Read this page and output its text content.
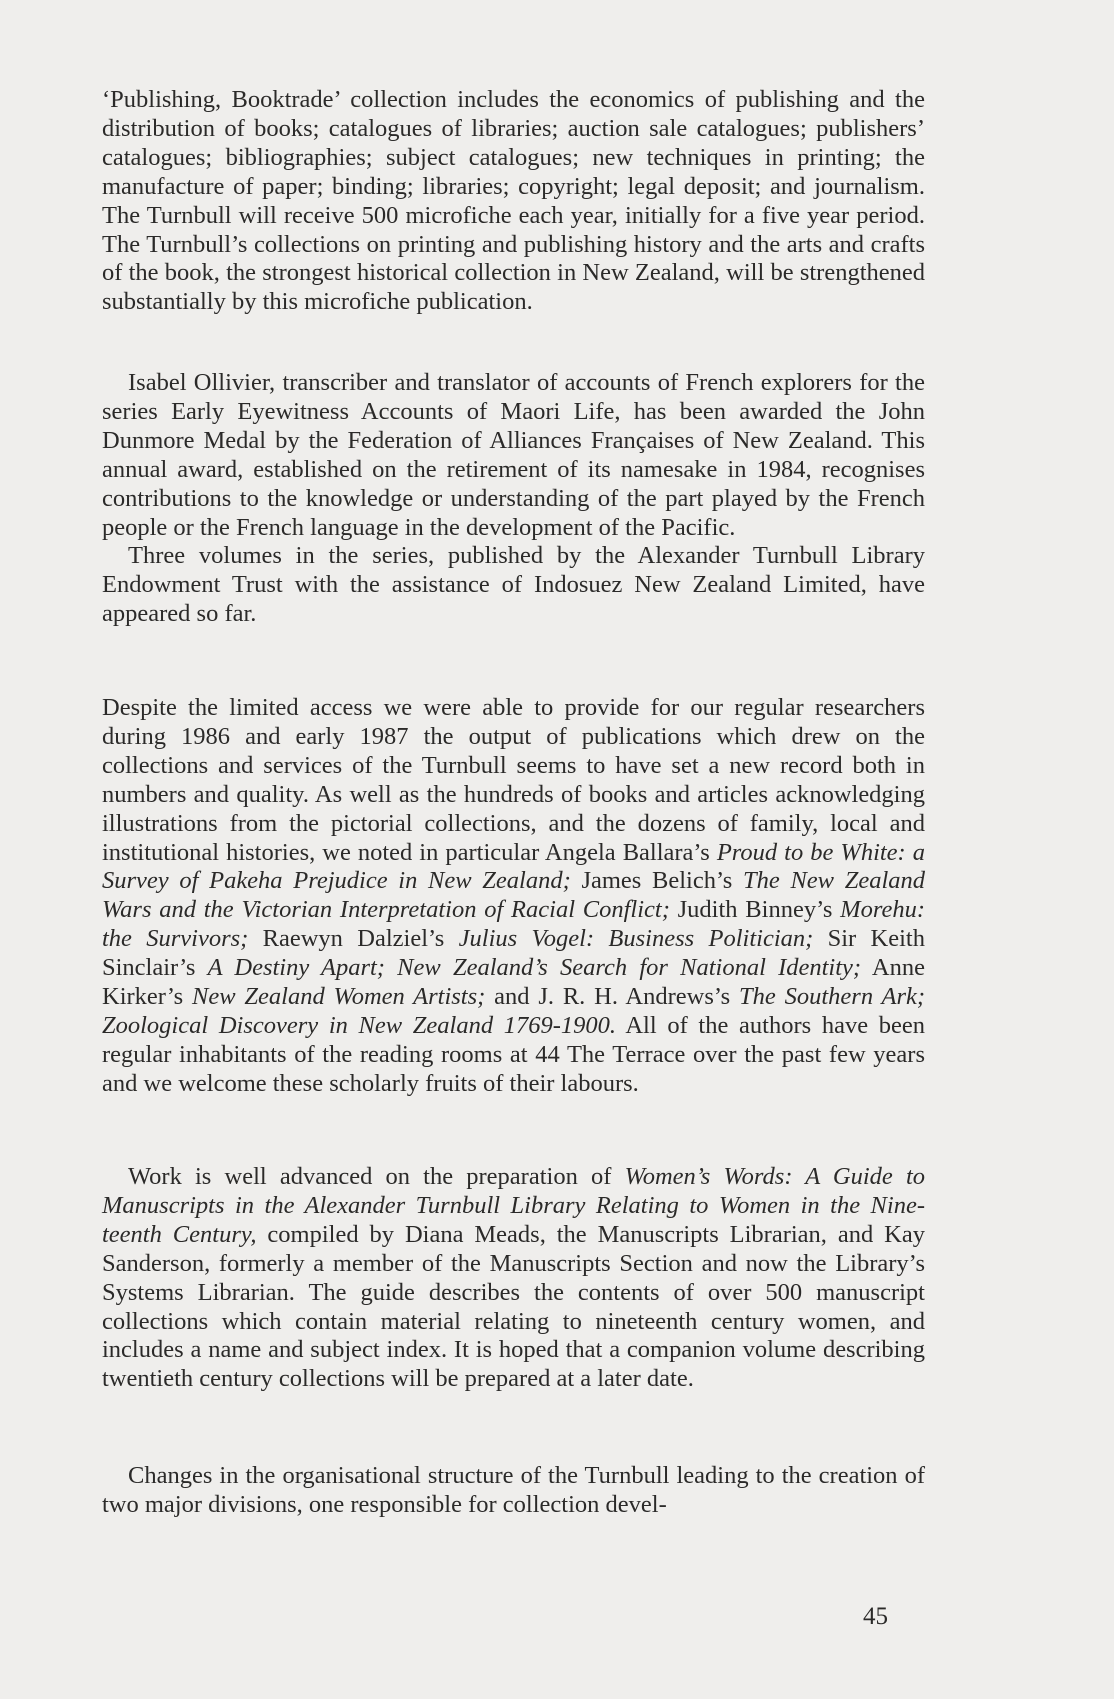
‘Publishing, Booktrade’ collection includes the economics of publishing and the distribution of books; catalogues of libraries; auction sale catalogues; publishers’ catalogues; bibliographies; subject catalogues; new techniques in printing; the manufacture of paper; binding; libraries; copyright; legal deposit; and journalism. The Turnbull will receive 500 microfiche each year, initially for a five year period. The Turnbull’s collections on printing and publishing history and the arts and crafts of the book, the strongest historical collection in New Zealand, will be strengthened substantially by this microfiche publication.

Isabel Ollivier, transcriber and translator of accounts of French explorers for the series Early Eyewitness Accounts of Maori Life, has been awarded the John Dunmore Medal by the Federation of Alliances Françaises of New Zealand. This annual award, established on the retirement of its namesake in 1984, recognises contributions to the knowledge or understanding of the part played by the French people or the French language in the development of the Pacific.

Three volumes in the series, published by the Alexander Turnbull Library Endowment Trust with the assistance of Indosuez New Zealand Limited, have appeared so far.

Despite the limited access we were able to provide for our regular researchers during 1986 and early 1987 the output of publications which drew on the collections and services of the Turnbull seems to have set a new record both in numbers and quality. As well as the hundreds of books and articles acknowledging illustrations from the pictorial collections, and the dozens of family, local and institutional histories, we noted in particular Angela Ballara’s Proud to be White: a Survey of Pakeha Prejudice in New Zealand; James Belich’s The New Zealand Wars and the Victorian Interpretation of Racial Conflict; Judith Binney’s Morehu: the Survivors; Raewyn Dalziel’s Julius Vogel: Business Politician; Sir Keith Sinclair’s A Destiny Apart; New Zealand’s Search for National Identity; Anne Kirker’s New Zealand Women Artists; and J. R. H. Andrews’s The Southern Ark; Zoological Discovery in New Zealand 1769-1900. All of the authors have been regular inhabitants of the reading rooms at 44 The Terrace over the past few years and we welcome these scholarly fruits of their labours.

Work is well advanced on the preparation of Women’s Words: A Guide to Manuscripts in the Alexander Turnbull Library Relating to Women in the Nineteenth Century, compiled by Diana Meads, the Manuscripts Librarian, and Kay Sanderson, formerly a member of the Manuscripts Section and now the Library’s Systems Librarian. The guide describes the contents of over 500 manuscript collections which contain material relating to nineteenth century women, and includes a name and subject index. It is hoped that a companion volume describing twentieth century collections will be prepared at a later date.

Changes in the organisational structure of the Turnbull leading to the creation of two major divisions, one responsible for collection devel-

45
